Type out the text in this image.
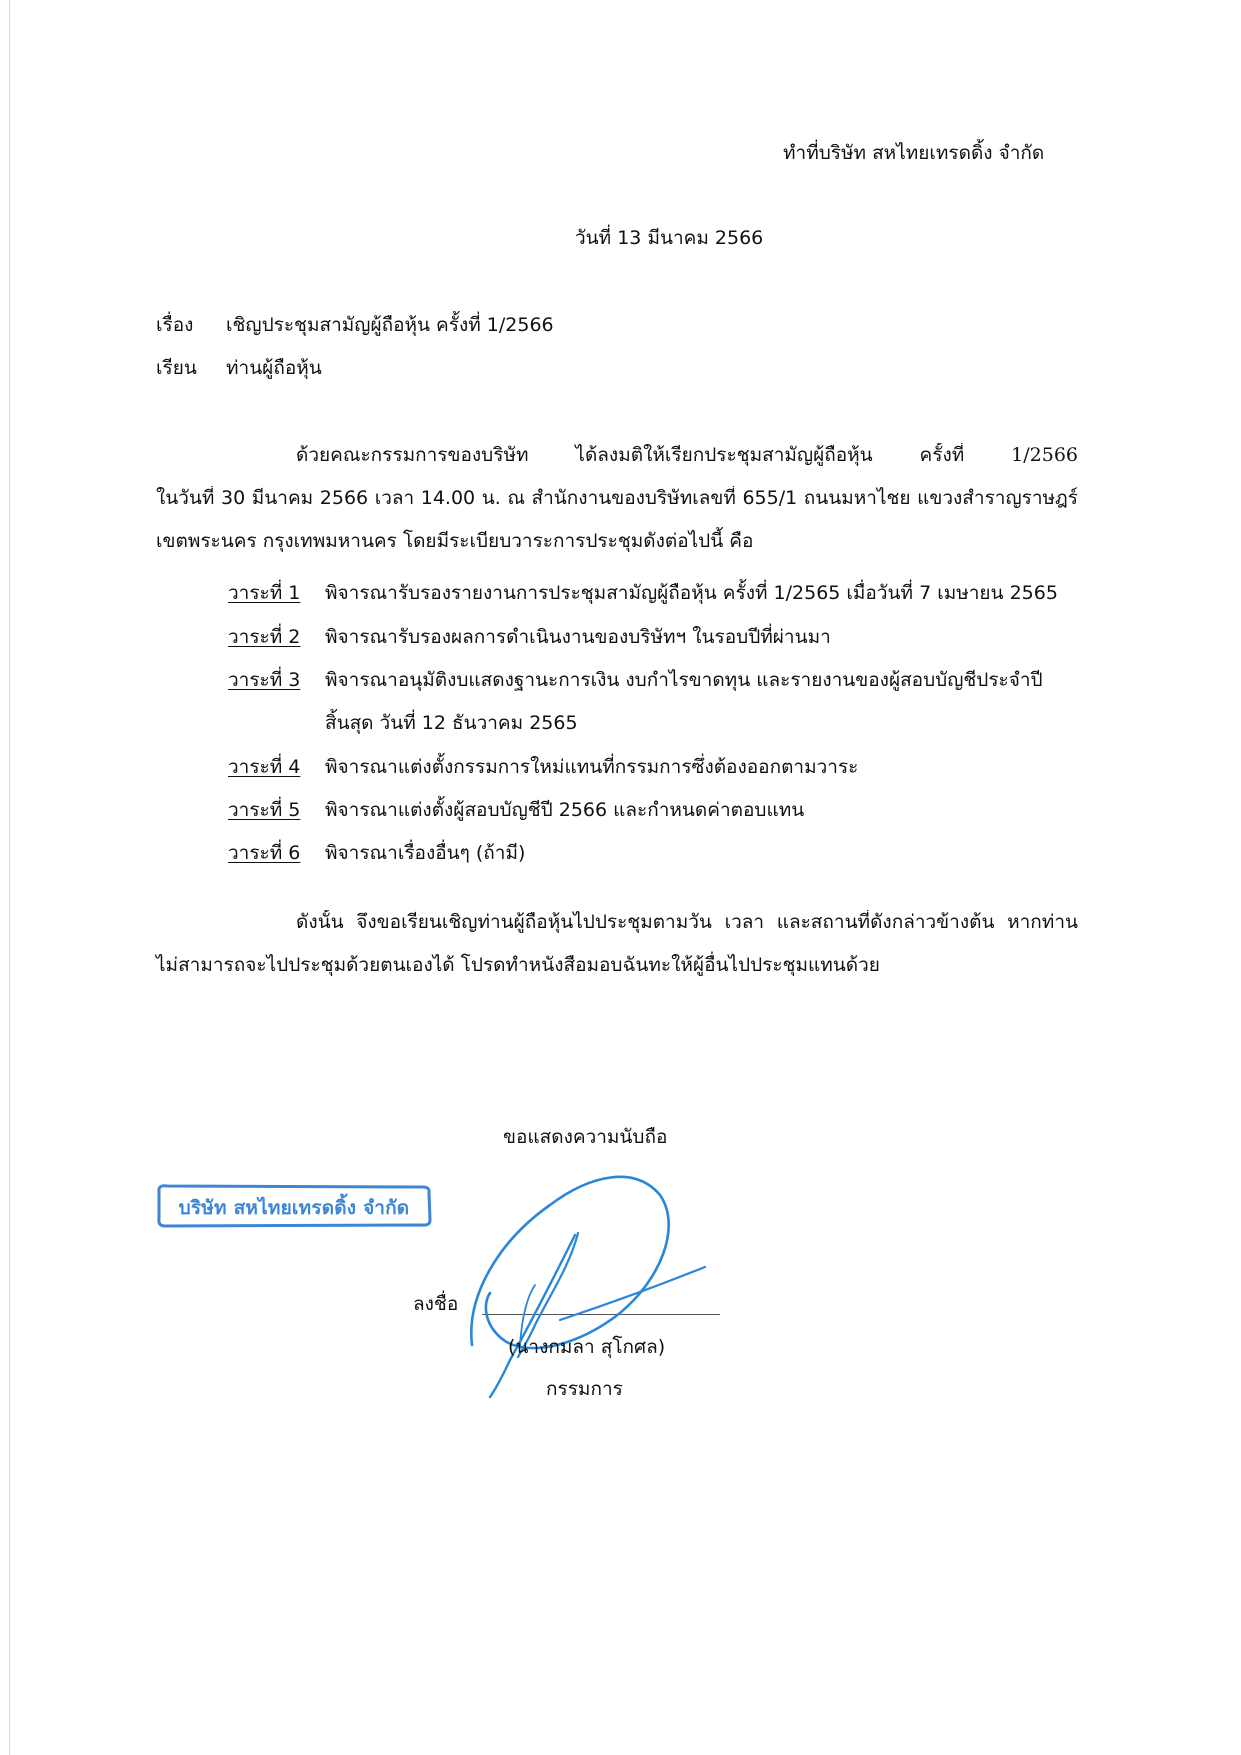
ทำที่บริษัท สหไทยเทรดดิ้ง จำกัด
วันที่ 13 มีนาคม 2566
เรื่อง เชิญประชุมสามัญผู้ถือหุ้น ครั้งที่ 1/2566
เรียน ท่านผู้ถือหุ้น
ด้วยคณะกรรมการของบริษัท ได้ลงมติให้เรียกประชุมสามัญผู้ถือหุ้น ครั้งที่ 1/2566
ในวันที่ 30 มีนาคม 2566 เวลา 14.00 น. ณ สำนักงานของบริษัทเลขที่ 655/1 ถนนมหาไชย แขวงสำราญราษฎร์
เขตพระนคร กรุงเทพมหานคร โดยมีระเบียบวาระการประชุมดังต่อไปนี้ คือ
วาระที่ 1 พิจารณารับรองรายงานการประชุมสามัญผู้ถือหุ้น ครั้งที่ 1/2565 เมื่อวันที่ 7 เมษายน 2565
วาระที่ 2 พิจารณารับรองผลการดำเนินงานของบริษัทฯ ในรอบปีที่ผ่านมา
วาระที่ 3 พิจารณาอนุมัติงบแสดงฐานะการเงิน งบกำไรขาดทุน และรายงานของผู้สอบบัญชีประจำปี
สิ้นสุด วันที่ 12 ธันวาคม 2565
วาระที่ 4 พิจารณาแต่งตั้งกรรมการใหม่แทนที่กรรมการซึ่งต้องออกตามวาระ
วาระที่ 5 พิจารณาแต่งตั้งผู้สอบบัญชีปี 2566 และกำหนดค่าตอบแทน
วาระที่ 6 พิจารณาเรื่องอื่นๆ (ถ้ามี)
ดังนั้น จึงขอเรียนเชิญท่านผู้ถือหุ้นไปประชุมตามวัน เวลา และสถานที่ดังกล่าวข้างต้น หากท่าน
ไม่สามารถจะไปประชุมด้วยตนเองได้ โปรดทำหนังสือมอบฉันทะให้ผู้อื่นไปประชุมแทนด้วย
ขอแสดงความนับถือ
บริษัท สหไทยเทรดดิ้ง จำกัด
ลงชื่อ
(นางกมลา สุโกศล)
กรรมการ
